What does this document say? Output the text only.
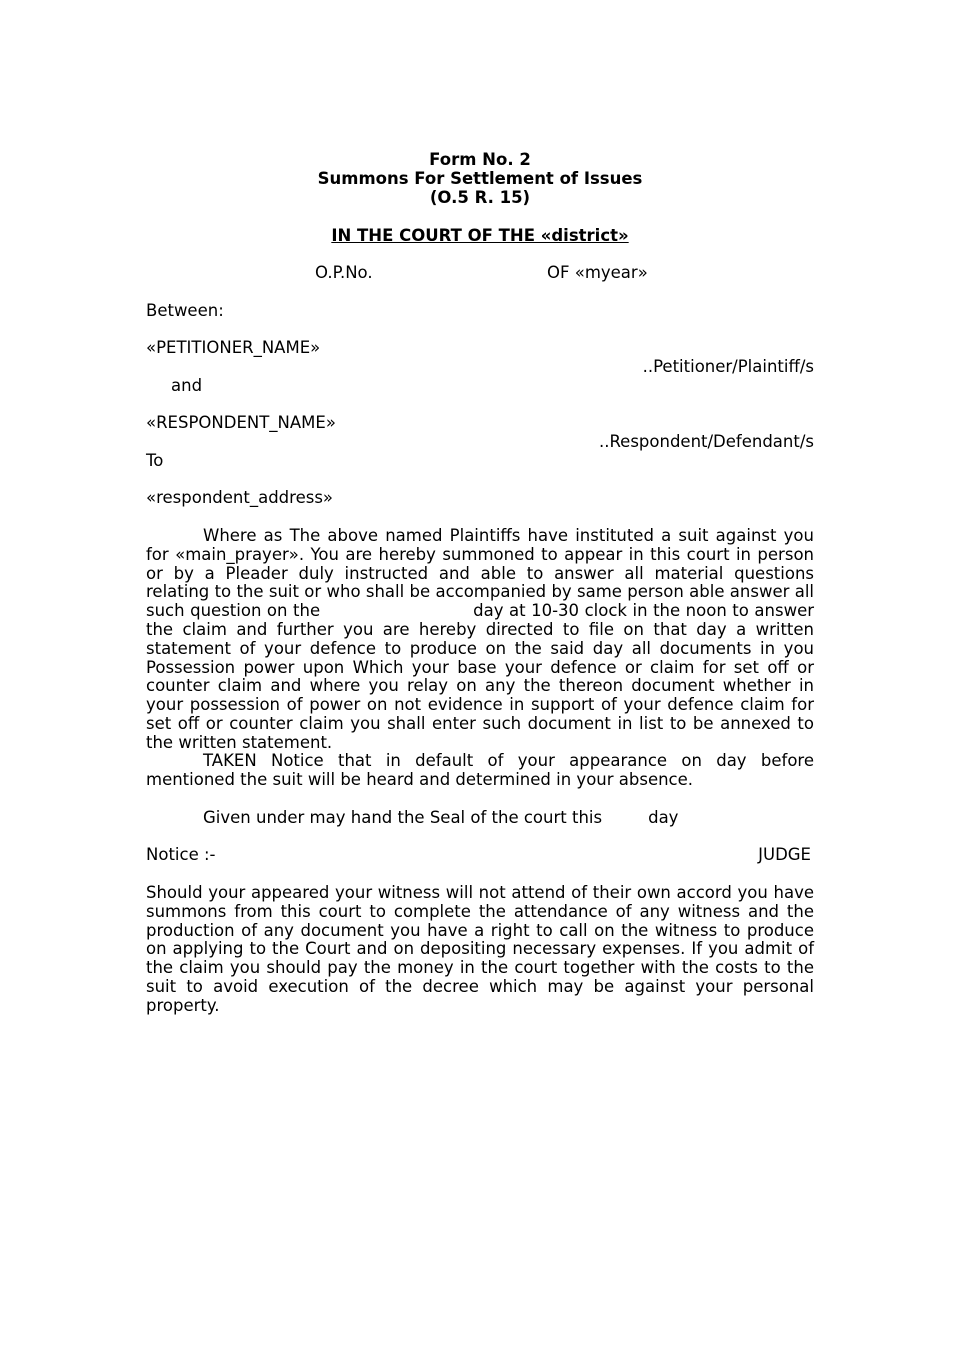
Form No. 2
Summons For Settlement of Issues
(O.5 R. 15)
IN THE COURT OF THE «district»
O.P.No.	OF «myear»
Between:
«PETITIONER_NAME»
..Petitioner/Plaintiff/s
and
«RESPONDENT_NAME»
..Respondent/Defendant/s
To
«respondent_address»
Where as The above named Plaintiffs have instituted a suit against you for «main_prayer». You are hereby summoned to appear in this court in person or by a Pleader duly instructed and able to answer all material questions relating to the suit or who shall be accompanied by same person able answer all such question on the	day at 10-30 clock in the noon to answer the claim and further you are hereby directed to file on that day a written statement of your defence to produce on the said day all documents in you Possession power upon Which your base your defence or claim for set off or counter claim and where you relay on any the thereon document whether in your possession of power on not evidence in support of your defence claim for set off or counter claim you shall enter such document in list to be annexed to the written statement.
TAKEN Notice that in default of your appearance on day before mentioned the suit will be heard and determined in your absence.
Given under may hand the Seal of the court this	day
Notice :-	JUDGE
Should your appeared your witness will not attend of their own accord you have summons from this court to complete the attendance of any witness and the production of any document you have a right to call on the witness to produce on applying to the Court and on depositing necessary expenses. If you admit of the claim you should pay the money in the court together with the costs to the suit to avoid execution of the decree which may be against your personal property.
